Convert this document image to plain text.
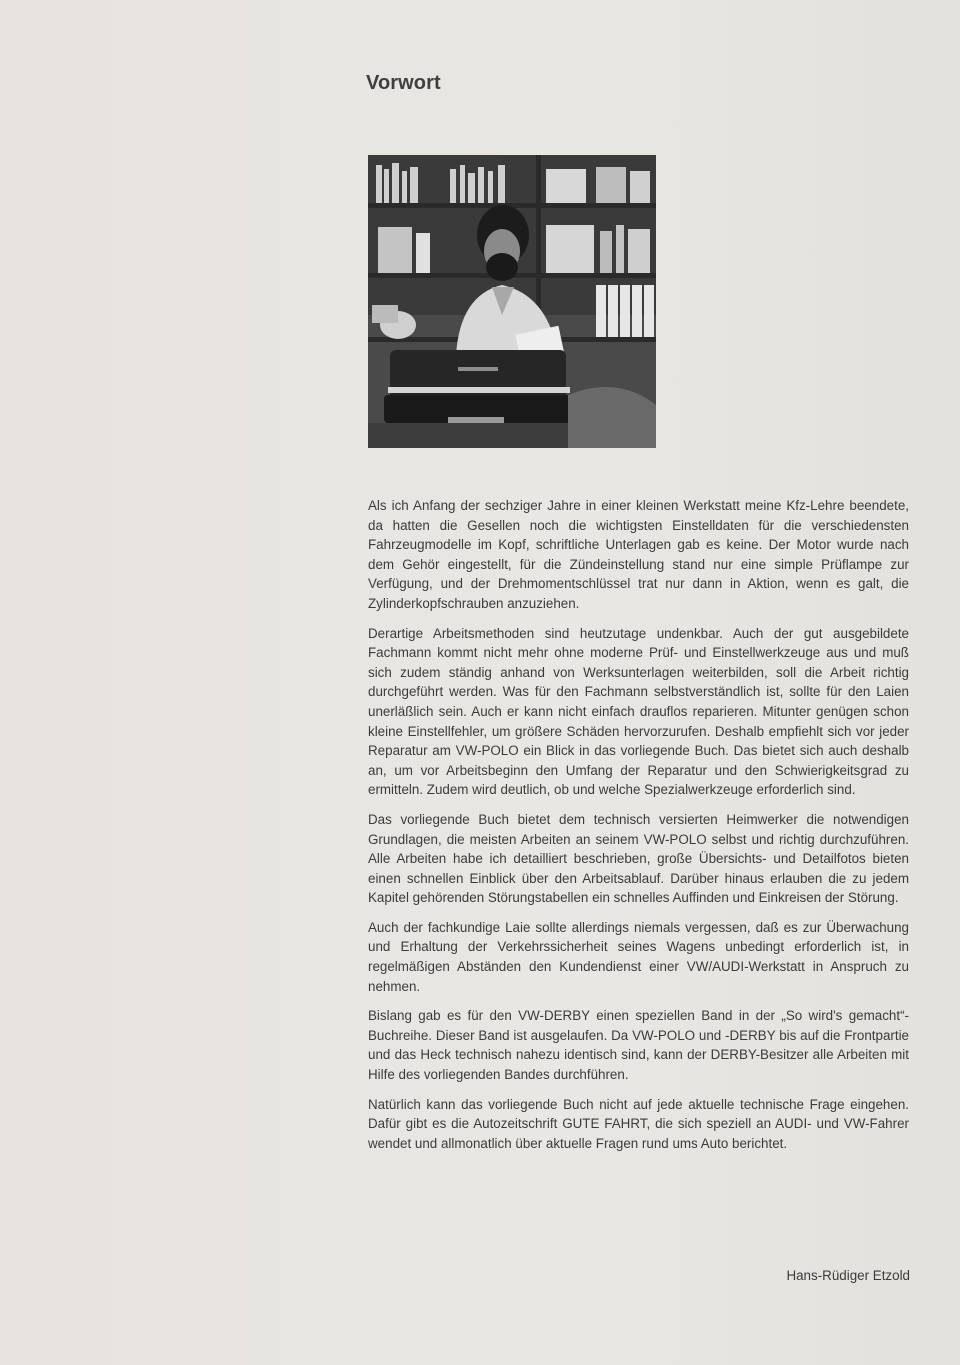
Vorwort

Als ich Anfang der sechziger Jahre in einer kleinen Werkstatt meine Kfz-Lehre beendete, da hatten die Gesellen noch die wichtigsten Einstelldaten für die verschiedensten Fahrzeugmodelle im Kopf, schriftliche Unterlagen gab es keine. Der Motor wurde nach dem Gehör eingestellt, für die Zündeinstellung stand nur eine simple Prüflampe zur Verfügung, und der Drehmomentschlüssel trat nur dann in Aktion, wenn es galt, die Zylinderkopfschrauben anzuziehen.

Derartige Arbeitsmethoden sind heutzutage undenkbar. Auch der gut ausgebildete Fachmann kommt nicht mehr ohne moderne Prüf- und Einstellwerkzeuge aus und muß sich zudem ständig anhand von Werksunterlagen weiterbilden, soll die Arbeit richtig durchgeführt werden. Was für den Fachmann selbstverständlich ist, sollte für den Laien unerläßlich sein. Auch er kann nicht einfach drauflos reparieren. Mitunter genügen schon kleine Einstellfehler, um größere Schäden hervorzurufen. Deshalb empfiehlt sich vor jeder Reparatur am VW-POLO ein Blick in das vorliegende Buch. Das bietet sich auch deshalb an, um vor Arbeitsbeginn den Umfang der Reparatur und den Schwierigkeitsgrad zu ermitteln. Zudem wird deutlich, ob und welche Spezialwerkzeuge erforderlich sind.

Das vorliegende Buch bietet dem technisch versierten Heimwerker die notwendigen Grundlagen, die meisten Arbeiten an seinem VW-POLO selbst und richtig durchzuführen. Alle Arbeiten habe ich detailliert beschrieben, große Übersichts- und Detailfotos bieten einen schnellen Einblick über den Arbeitsablauf. Darüber hinaus erlauben die zu jedem Kapitel gehörenden Störungstabellen ein schnelles Auffinden und Einkreisen der Störung.

Auch der fachkundige Laie sollte allerdings niemals vergessen, daß es zur Überwachung und Erhaltung der Verkehrssicherheit seines Wagens unbedingt erforderlich ist, in regelmäßigen Abständen den Kundendienst einer VW/AUDI-Werkstatt in Anspruch zu nehmen.

Bislang gab es für den VW-DERBY einen speziellen Band in der „So wird's gemacht“-Buchreihe. Dieser Band ist ausgelaufen. Da VW-POLO und -DERBY bis auf die Frontpartie und das Heck technisch nahezu identisch sind, kann der DERBY-Besitzer alle Arbeiten mit Hilfe des vorliegenden Bandes durchführen.

Natürlich kann das vorliegende Buch nicht auf jede aktuelle technische Frage eingehen. Dafür gibt es die Autozeitschrift GUTE FAHRT, die sich speziell an AUDI- und VW-Fahrer wendet und allmonatlich über aktuelle Fragen rund ums Auto berichtet.

Hans-Rüdiger Etzold
